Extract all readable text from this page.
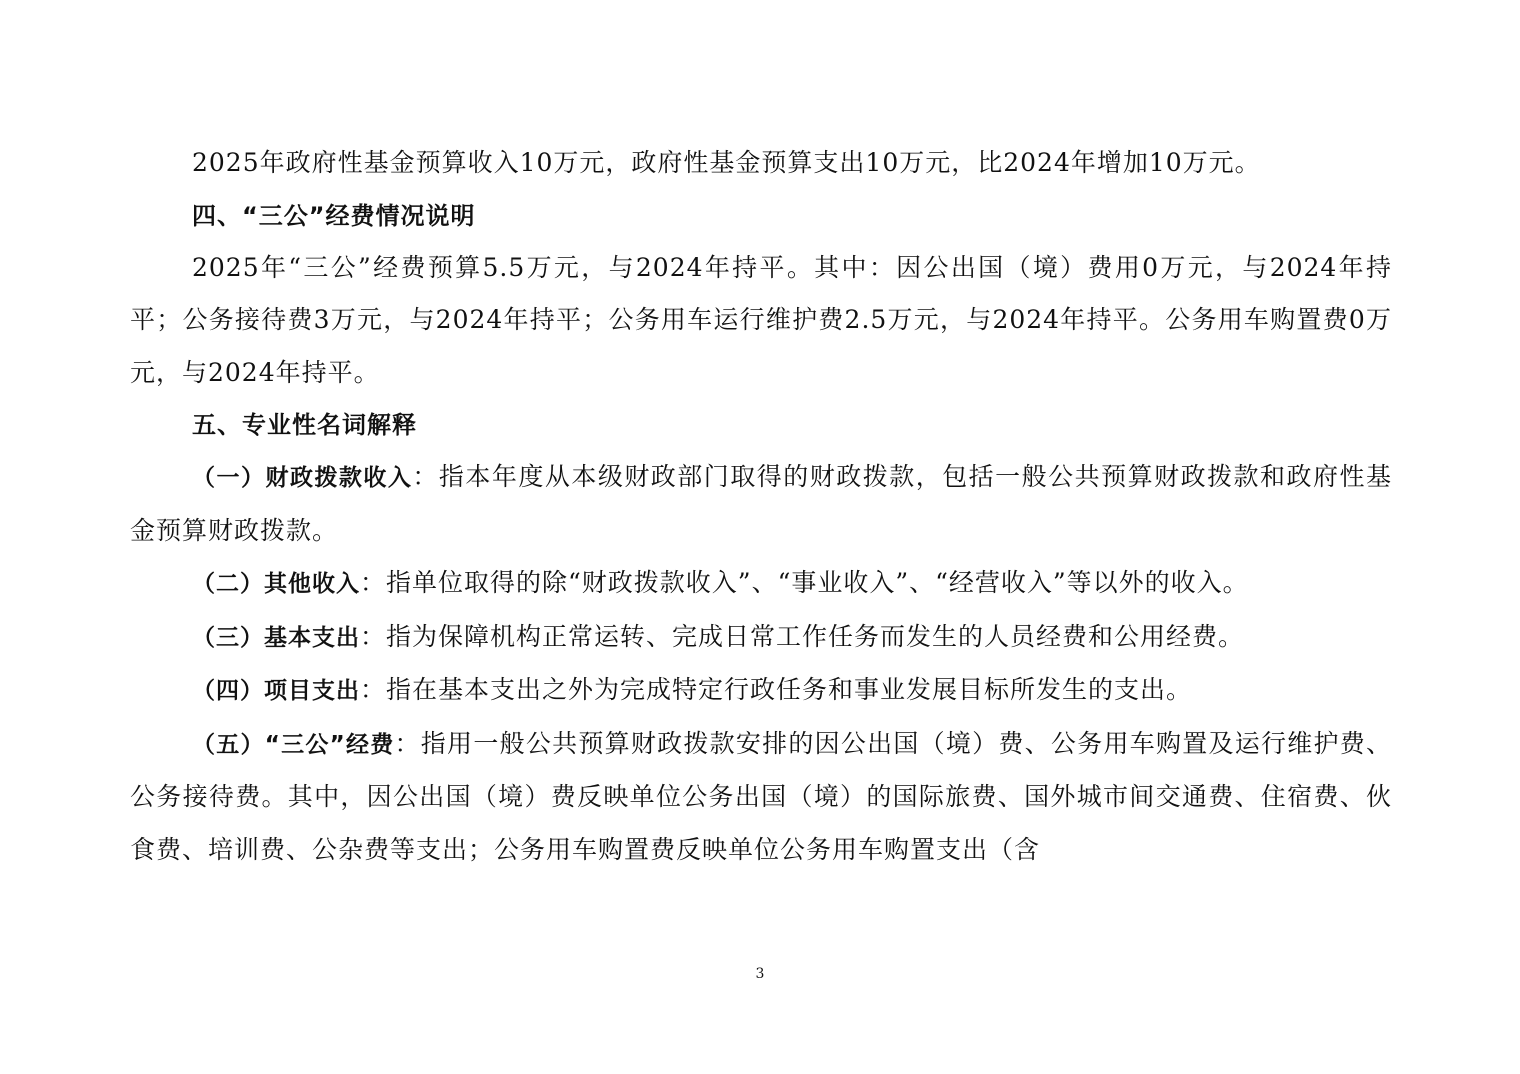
2025年政府性基金预算收入10万元，政府性基金预算支出10万元，比2024年增加10万元。

四、“三公”经费情况说明

2025年“三公”经费预算5.5万元，与2024年持平。其中：因公出国（境）费用0万元，与2024年持平；公务接待费3万元，与2024年持平；公务用车运行维护费2.5万元，与2024年持平。公务用车购置费0万元，与2024年持平。

五、专业性名词解释

（一）财政拨款收入：指本年度从本级财政部门取得的财政拨款，包括一般公共预算财政拨款和政府性基金预算财政拨款。

（二）其他收入：指单位取得的除“财政拨款收入”、“事业收入”、“经营收入”等以外的收入。

（三）基本支出：指为保障机构正常运转、完成日常工作任务而发生的人员经费和公用经费。

（四）项目支出：指在基本支出之外为完成特定行政任务和事业发展目标所发生的支出。

（五）“三公”经费：指用一般公共预算财政拨款安排的因公出国（境）费、公务用车购置及运行维护费、公务接待费。其中，因公出国（境）费反映单位公务出国（境）的国际旅费、国外城市间交通费、住宿费、伙食费、培训费、公杂费等支出；公务用车购置费反映单位公务用车购置支出（含

3
